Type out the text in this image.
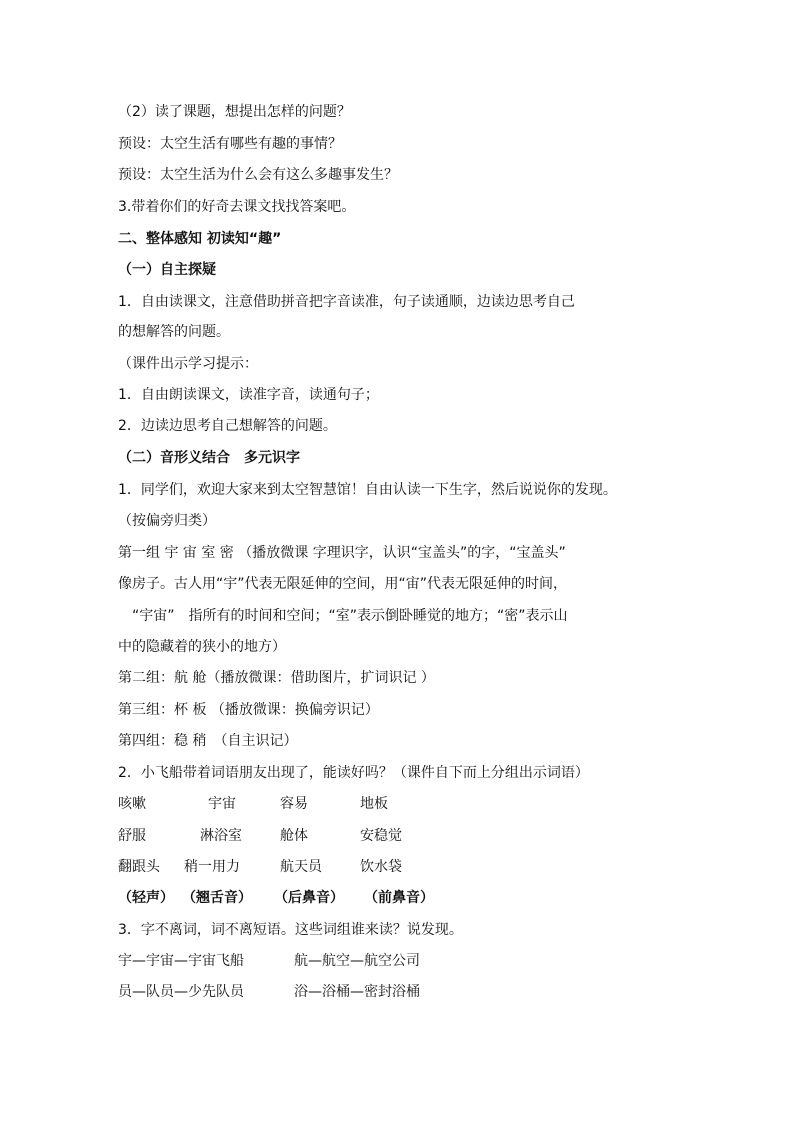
（2）读了课题，想提出怎样的问题？
预设：太空生活有哪些有趣的事情？
预设：太空生活为什么会有这么多趣事发生？
3.带着你们的好奇去课文找找答案吧。
二、整体感知 初读知“趣”
（一）自主探疑
1．自由读课文，注意借助拼音把字音读准，句子读通顺，边读边思考自己
的想解答的问题。
（课件出示学习提示：
1．自由朗读课文，读准字音，读通句子；
2．边读边思考自己想解答的问题。
（二）音形义结合　多元识字
1．同学们，欢迎大家来到太空智慧馆！自由认读一下生字，然后说说你的发现。
（按偏旁归类）
第一组 宇 宙 室 密 （播放微课 字理识字，认识“宝盖头”的字，“宝盖头”
像房子。古人用“宇”代表无限延伸的空间，用“宙”代表无限延伸的时间，
　“宇宙”　指所有的时间和空间；“室”表示倒卧睡觉的地方；“密”表示山
中的隐藏着的狭小的地方）
第二组：航 舱（播放微课：借助图片，扩词识记 ）
第三组：杯 板 （播放微课：换偏旁识记）
第四组：稳 稍　（自主识记）
2．小飞船带着词语朋友出现了，能读好吗？（课件自下而上分组出示词语）
咳嗽	宇宙	容易	地板
舒服	淋浴室	舱体	安稳觉
翻跟头 稍一用力	航天员	饮水袋
（轻声） （翘舌音） （后鼻音） （前鼻音）
3．字不离词，词不离短语。这些词组谁来读？说发现。
宇—宇宙—宇宙飞船	航—航空—航空公司
员—队员—少先队员	浴—浴桶—密封浴桶
